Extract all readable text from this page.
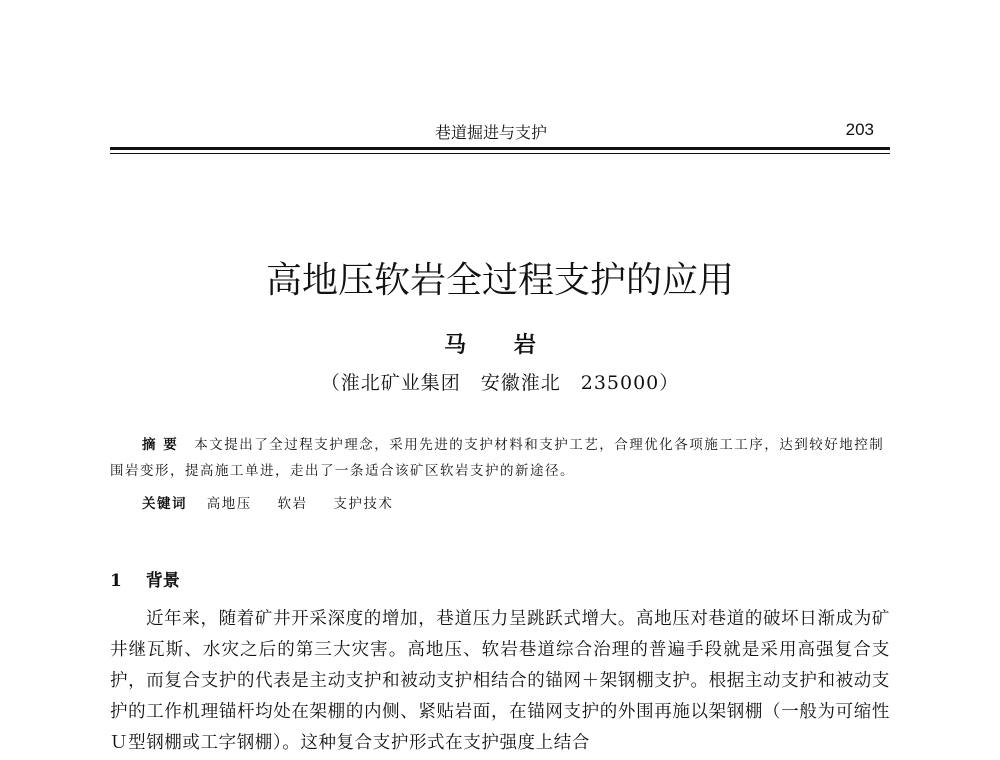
巷道掘进与支护	203
高地压软岩全过程支护的应用
马 岩
（淮北矿业集团　安徽淮北　235000）

摘 要 本文提出了全过程支护理念，采用先进的支护材料和支护工艺，合理优化各项施工工序，达到较好地控制围岩变形，提高施工单进，走出了一条适合该矿区软岩支护的新途径。

关键词 高地压 软岩 支护技术
1 背景

近年来，随着矿井开采深度的增加，巷道压力呈跳跃式增大。高地压对巷道的破坏日渐成为矿井继瓦斯、水灾之后的第三大灾害。高地压、软岩巷道综合治理的普遍手段就是采用高强复合支护，而复合支护的代表是主动支护和被动支护相结合的锚网＋架钢棚支护。根据主动支护和被动支护的工作机理锚杆均处在架棚的内侧、紧贴岩面，在锚网支护的外围再施以架钢棚（一般为可缩性Ｕ型钢棚或工字钢棚）。这种复合支护形式在支护强度上结合
